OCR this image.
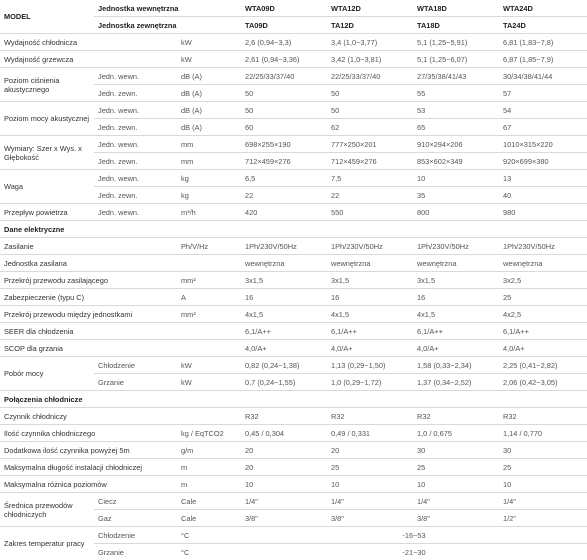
MODEL	Jednostka wewnętrzna		WTA09D	WTA12D	WTA18D	WTA24D
	Jednostka zewnętrzna		TA09D	TA12D	TA18D	TA24D
Wydajność chłodnicza		kW	2,6 (0,94~3,3)	3,4 (1,0~3,77)	5,1 (1,25~5,91)	6,81 (1,83~7,8)
Wydajność grzewcza		kW	2,61 (0,94~3,36)	3,42 (1,0~3,81)	5,1 (1,25~6,07)	6,87 (1,85~7,9)
Poziom ciśnienia akustycznego	Jedn. wewn.	dB (A)	22/25/33/37/40	22/25/33/37/40	27/35/38/41/43	30/34/38/41/44
	Jedn. zewn.	dB (A)	50	50	55	57
Poziom mocy akustycznej	Jedn. wewn.	dB (A)	50	50	53	54
	Jedn. zewn.	dB (A)	60	62	65	67
Wymiary: Szer x Wys. x Głębokość	Jedn. wewn.	mm	698×255×190	777×250×201	910×294×206	1010×315×220
	Jedn. zewn.	mm	712×459×276	712×459×276	853×602×349	920×699×380
Waga	Jedn. wewn.	kg	6,5	7,5	10	13
	Jedn. zewn.	kg	22	22	35	40
Przepływ powietrza	Jedn. wewn.	m³/h	420	550	800	980
Dane elektryczne						
Zasilanie		Ph/V/Hz	1Ph/230V/50Hz	1Ph/230V/50Hz	1Ph/230V/50Hz	1Ph/230V/50Hz
Jednostka zasilana			wewnętrzna	wewnętrzna	wewnętrzna	wewnętrzna
Przekrój przewodu zasilającego		mm²	3x1,5	3x1,5	3x1,5	3x2,5
Zabezpieczenie (typu C)		A	16	16	16	25
Przekrój przewodu między jednostkami		mm²	4x1,5	4x1,5	4x1,5	4x2,5
SEER dla chłodzenia			6,1/A++	6,1/A++	6,1/A++	6,1/A++
SCOP dla grzania			4,0/A+	4,0/A+	4,0/A+	4,0/A+
Pobór mocy	Chłodzenie	kW	0,82 (0,24~1,38)	1,13 (0,29~1,50)	1,58 (0,33~2,34)	2,25 (0,41~2,82)
	Grzanie	kW	0,7 (0,24~1,55)	1,0 (0,29~1,72)	1,37 (0,34~2,52)	2,06 (0,42~3,05)
Połączenia chłodnicze						
Czynnik chłodniczy			R32	R32	R32	R32
Ilość czynnika chłodniczego		kg / EqTCO2	0,45 / 0,304	0,49 / 0,331	1,0 / 0,675	1,14 / 0,770
Dodatkowa ilość czynnika powyżej 5m		g/m	20	20	30	30
Maksymalna długość instalacji chłodniczej		m	20	25	25	25
Maksymalna różnica poziomów		m	10	10	10	10
Średnica przewodów chłodniczych	Ciecz	Cale	1/4"	1/4"	1/4"	1/4"
	Gaz	Cale	3/8"	3/8"	3/8"	1/2"
Zakres temperatur pracy	Chłodzenie	°C	-16~53			
	Grzanie	°C	-21~30			
